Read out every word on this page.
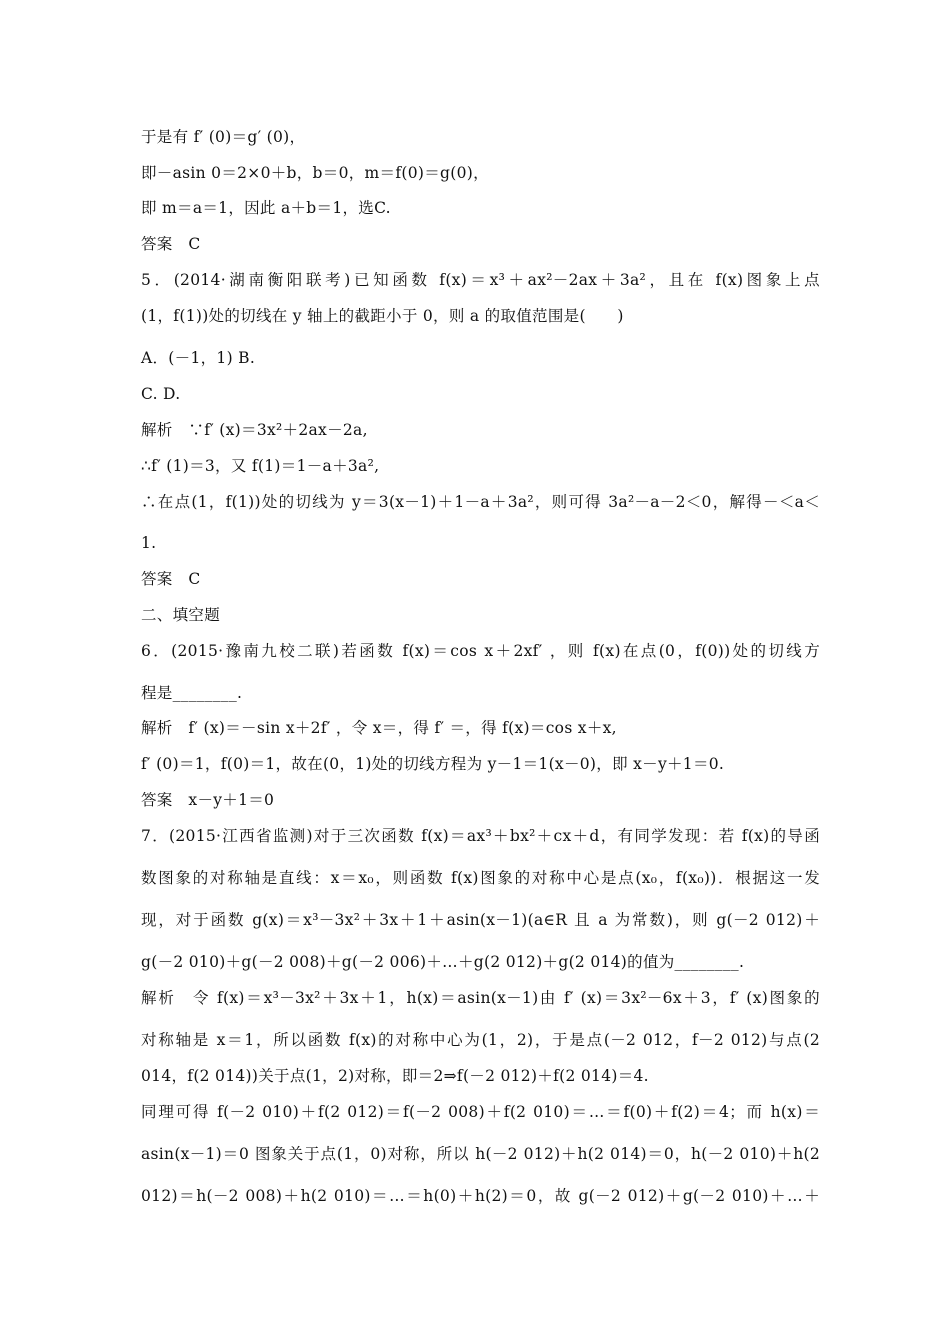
于是有 f′ (0)＝g′ (0)，
即－asin 0＝2×0＋b，b＝0，m＝f(0)＝g(0)，
即 m＝a＝1，因此 a＋b＝1，选C.
答案　C
5．(2014·湖南衡阳联考)已知函数 f(x)＝x³＋ax²－2ax＋3a²，且在 f(x)图象上点
(1，f(1))处的切线在 y 轴上的截距小于 0，则 a 的取值范围是(　　)
A．(－1，1) B.
C. D.
解析　∵f′ (x)＝3x²＋2ax－2a,
∴f′ (1)＝3，又 f(1)＝1－a＋3a²,
∴在点(1，f(1))处的切线为 y＝3(x－1)＋1－a＋3a²，则可得 3a²－a－2＜0，解得－＜a＜
1.
答案　C
二、填空题
6．(2015·豫南九校二联)若函数 f(x)＝cos x＋2xf′ ，则 f(x)在点(0，f(0))处的切线方
程是________.
解析　f′ (x)＝－sin x＋2f′ ，令 x＝，得 f′ ＝，得 f(x)＝cos x＋x,
f′ (0)＝1，f(0)＝1，故在(0，1)处的切线方程为 y－1＝1(x－0)，即 x－y＋1＝0.
答案　x－y＋1＝0
7．(2015·江西省监测)对于三次函数 f(x)＝ax³＋bx²＋cx＋d，有同学发现：若 f(x)的导函
数图象的对称轴是直线：x＝x₀，则函数 f(x)图象的对称中心是点(x₀，f(x₀))．根据这一发
现，对于函数 g(x)＝x³－3x²＋3x＋1＋asin(x－1)(a∈R 且 a 为常数)，则 g(－2 012)＋
g(－2 010)＋g(－2 008)＋g(－2 006)＋…＋g(2 012)＋g(2 014)的值为________.
解析　令 f(x)＝x³－3x²＋3x＋1，h(x)＝asin(x－1)由 f′ (x)＝3x²－6x＋3，f′ (x)图象的
对称轴是 x＝1，所以函数 f(x)的对称中心为(1，2)，于是点(－2 012，f－2 012)与点(2
014，f(2 014))关于点(1，2)对称，即＝2⇒f(－2 012)＋f(2 014)＝4.
同理可得 f(－2 010)＋f(2 012)＝f(－2 008)＋f(2 010)＝…＝f(0)＋f(2)＝4；而 h(x)＝
asin(x－1)＝0 图象关于点(1，0)对称，所以 h(－2 012)＋h(2 014)＝0，h(－2 010)＋h(2
012)＝h(－2 008)＋h(2 010)＝…＝h(0)＋h(2)＝0，故 g(－2 012)＋g(－2 010)＋…＋
